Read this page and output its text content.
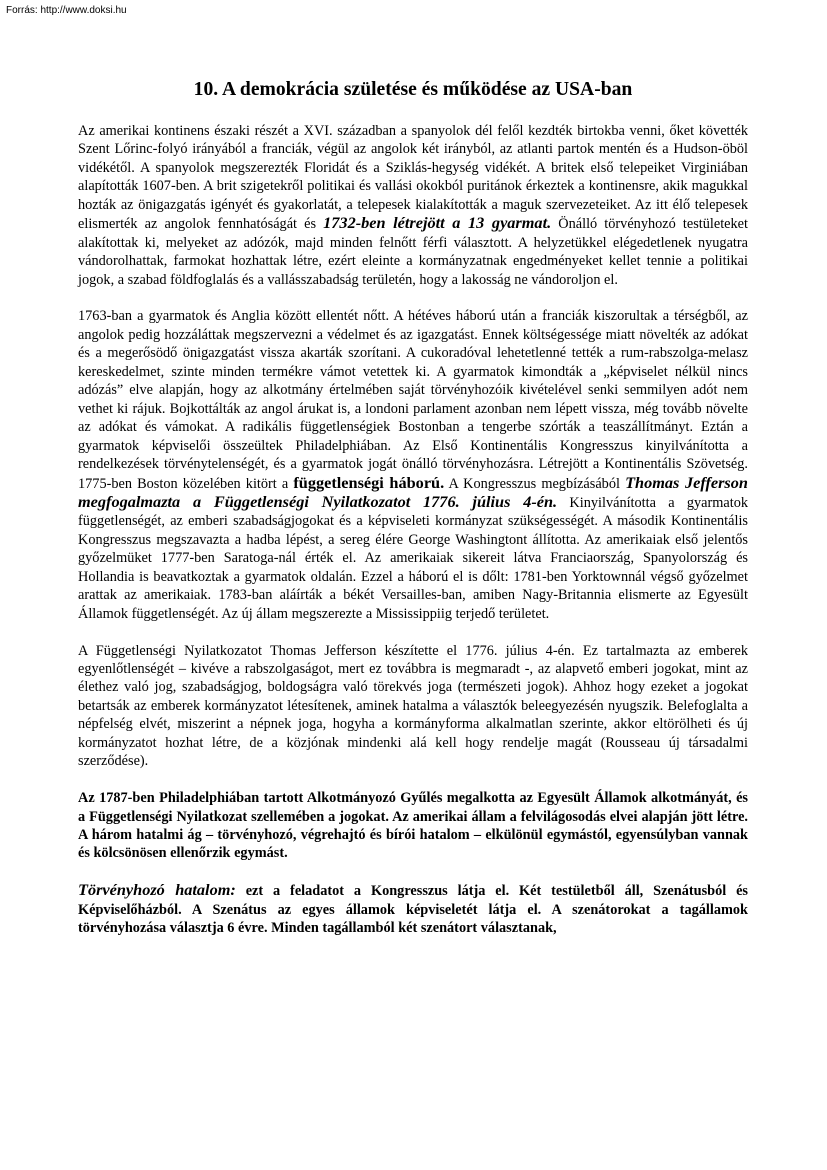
Forrás: http://www.doksi.hu
10. A demokrácia születése és működése az USA-ban

Az amerikai kontinens északi részét a XVI. században a spanyolok dél felől kezdték birtokba venni, őket követték Szent Lőrinc-folyó irányából a franciák, végül az angolok két irányból, az atlanti partok mentén és a Hudson-öböl vidékétől. A spanyolok megszerezték Floridát és a Sziklás-hegység vidékét. A britek első telepeiket Virginiában alapították 1607-ben. A brit szigetekről politikai és vallási okokból puritánok érkeztek a kontinensre, akik magukkal hozták az önigazgatás igényét és gyakorlatát, a telepesek kialakították a maguk szervezeteiket. Az itt élő telepesek elismerték az angolok fennhatóságát és 1732-ben létrejött a 13 gyarmat. Önálló törvényhozó testületeket alakítottak ki, melyeket az adózók, majd minden felnőtt férfi választott. A helyzetükkel elégedetlenek nyugatra vándorolhattak, farmokat hozhattak létre, ezért eleinte a kormányzatnak engedményeket kellet tennie a politikai jogok, a szabad földfoglalás és a vallásszabadság területén, hogy a lakosság ne vándoroljon el.

1763-ban a gyarmatok és Anglia között ellentét nőtt. A hétéves háború után a franciák kiszorultak a térségből, az angolok pedig hozzáláttak megszervezni a védelmet és az igazgatást. Ennek költségessége miatt növelték az adókat és a megerősödő önigazgatást vissza akarták szorítani. A cukoradóval lehetetlenné tették a rum-rabszolga-melasz kereskedelmet, szinte minden termékre vámot vetettek ki. A gyarmatok kimondták a „képviselet nélkül nincs adózás” elve alapján, hogy az alkotmány értelmében saját törvényhozóik kivételével senki semmilyen adót nem vethet ki rájuk. Bojkottálták az angol árukat is, a londoni parlament azonban nem lépett vissza, még tovább növelte az adókat és vámokat. A radikális függetlenségiek Bostonban a tengerbe szórták a teaszállítmányt. Eztán a gyarmatok képviselői összeültek Philadelphiában. Az Első Kontinentális Kongresszus kinyilvánította a rendelkezések törvénytelenségét, és a gyarmatok jogát önálló törvényhozásra. Létrejött a Kontinentális Szövetség. 1775-ben Boston közelében kitört a függetlenségi háború. A Kongresszus megbízásából Thomas Jefferson megfogalmazta a Függetlenségi Nyilatkozatot 1776. július 4-én. Kinyilvánította a gyarmatok függetlenségét, az emberi szabadságjogokat és a képviseleti kormányzat szükségességét. A második Kontinentális Kongresszus megszavazta a hadba lépést, a sereg élére George Washingtont állította. Az amerikaiak első jelentős győzelmüket 1777-ben Saratoga-nál érték el. Az amerikaiak sikereit látva Franciaország, Spanyolország és Hollandia is beavatkoztak a gyarmatok oldalán. Ezzel a háború el is dőlt: 1781-ben Yorktownnál végső győzelmet arattak az amerikaiak. 1783-ban aláírták a békét Versailles-ban, amiben Nagy-Britannia elismerte az Egyesült Államok függetlenségét. Az új állam megszerezte a Mississippiig terjedő területet.

A Függetlenségi Nyilatkozatot Thomas Jefferson készítette el 1776. július 4-én. Ez tartalmazta az emberek egyenlőtlenségét – kivéve a rabszolgaságot, mert ez továbbra is megmaradt -, az alapvető emberi jogokat, mint az élethez való jog, szabadságjog, boldogságra való törekvés joga (természeti jogok). Ahhoz hogy ezeket a jogokat betartsák az emberek kormányzatot létesítenek, aminek hatalma a választók beleegyezésén nyugszik. Belefoglalta a népfelség elvét, miszerint a népnek joga, hogyha a kormányforma alkalmatlan szerinte, akkor eltörölheti és új kormányzatot hozhat létre, de a közjónak mindenki alá kell hogy rendelje magát (Rousseau új társadalmi szerződése).

Az 1787-ben Philadelphiában tartott Alkotmányozó Gyűlés megalkotta az Egyesült Államok alkotmányát, és a Függetlenségi Nyilatkozat szellemében a jogokat. Az amerikai állam a felvilágosodás elvei alapján jött létre. A három hatalmi ág – törvényhozó, végrehajtó és bírói hatalom – elkülönül egymástól, egyensúlyban vannak és kölcsönösen ellenőrzik egymást.

Törvényhozó hatalom: ezt a feladatot a Kongresszus látja el. Két testületből áll, Szenátusból és Képviselőházból. A Szenátus az egyes államok képviseletét látja el. A szenátorokat a tagállamok törvényhozása választja 6 évre. Minden tagállamból két szenátort választanak,
